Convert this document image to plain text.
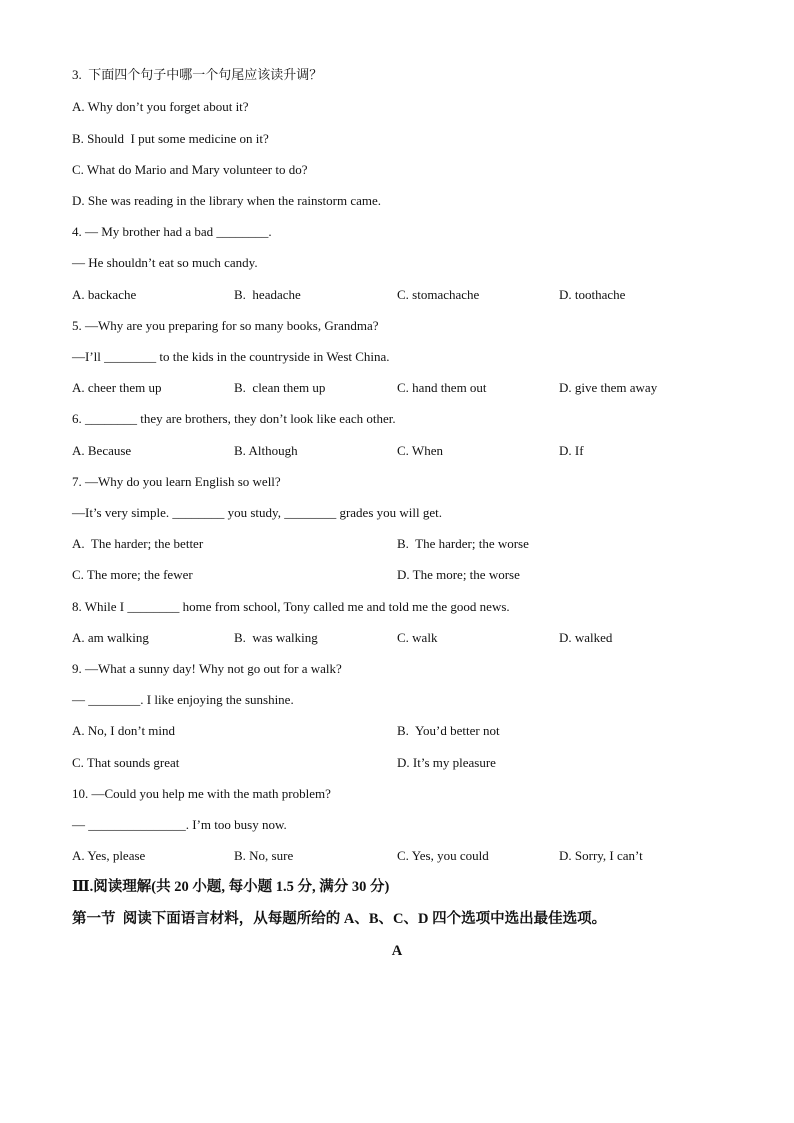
3.  下面四个句子中哪一个句尾应该读升调？
A. Why don’t you forget about it?
B. Should  I put some medicine on it?
C. What do Mario and Mary volunteer to do?
D. She was reading in the library when the rainstorm came.
4. — My brother had a bad ________.
— He shouldn’t eat so much candy.
A. backache	B.  headache	C. stomachache	D. toothache
5. —Why are you preparing for so many books, Grandma?
—I’ll ________ to the kids in the countryside in West China.
A. cheer them up	B.  clean them up	C. hand them out	D. give them away
6. ________ they are brothers, they don’t look like each other.
A. Because	B. Although	C. When	D. If
7. —Why do you learn English so well?
—It’s very simple. ________ you study, ________ grades you will get.
A.  The harder; the better	B.  The harder; the worse
C. The more; the fewer	D. The more; the worse
8. While I ________ home from school, Tony called me and told me the good news.
A. am walking	B.  was walking	C. walk	D. walked
9. —What a sunny day! Why not go out for a walk?
— ________. I like enjoying the sunshine.
A. No, I don’t mind	B.  You’d better not
C. That sounds great	D. It’s my pleasure
10. —Could you help me with the math problem?
— _______________. I’m too busy now.
A. Yes, please	B. No, sure	C. Yes, you could	D. Sorry, I can’t
Ⅲ.阅读理解(共 20 小题, 每小题 1.5 分, 满分 30 分)
第一节  阅读下面语言材料，从每题所给的 A、B、C、D 四个选项中选出最佳选项。
A
